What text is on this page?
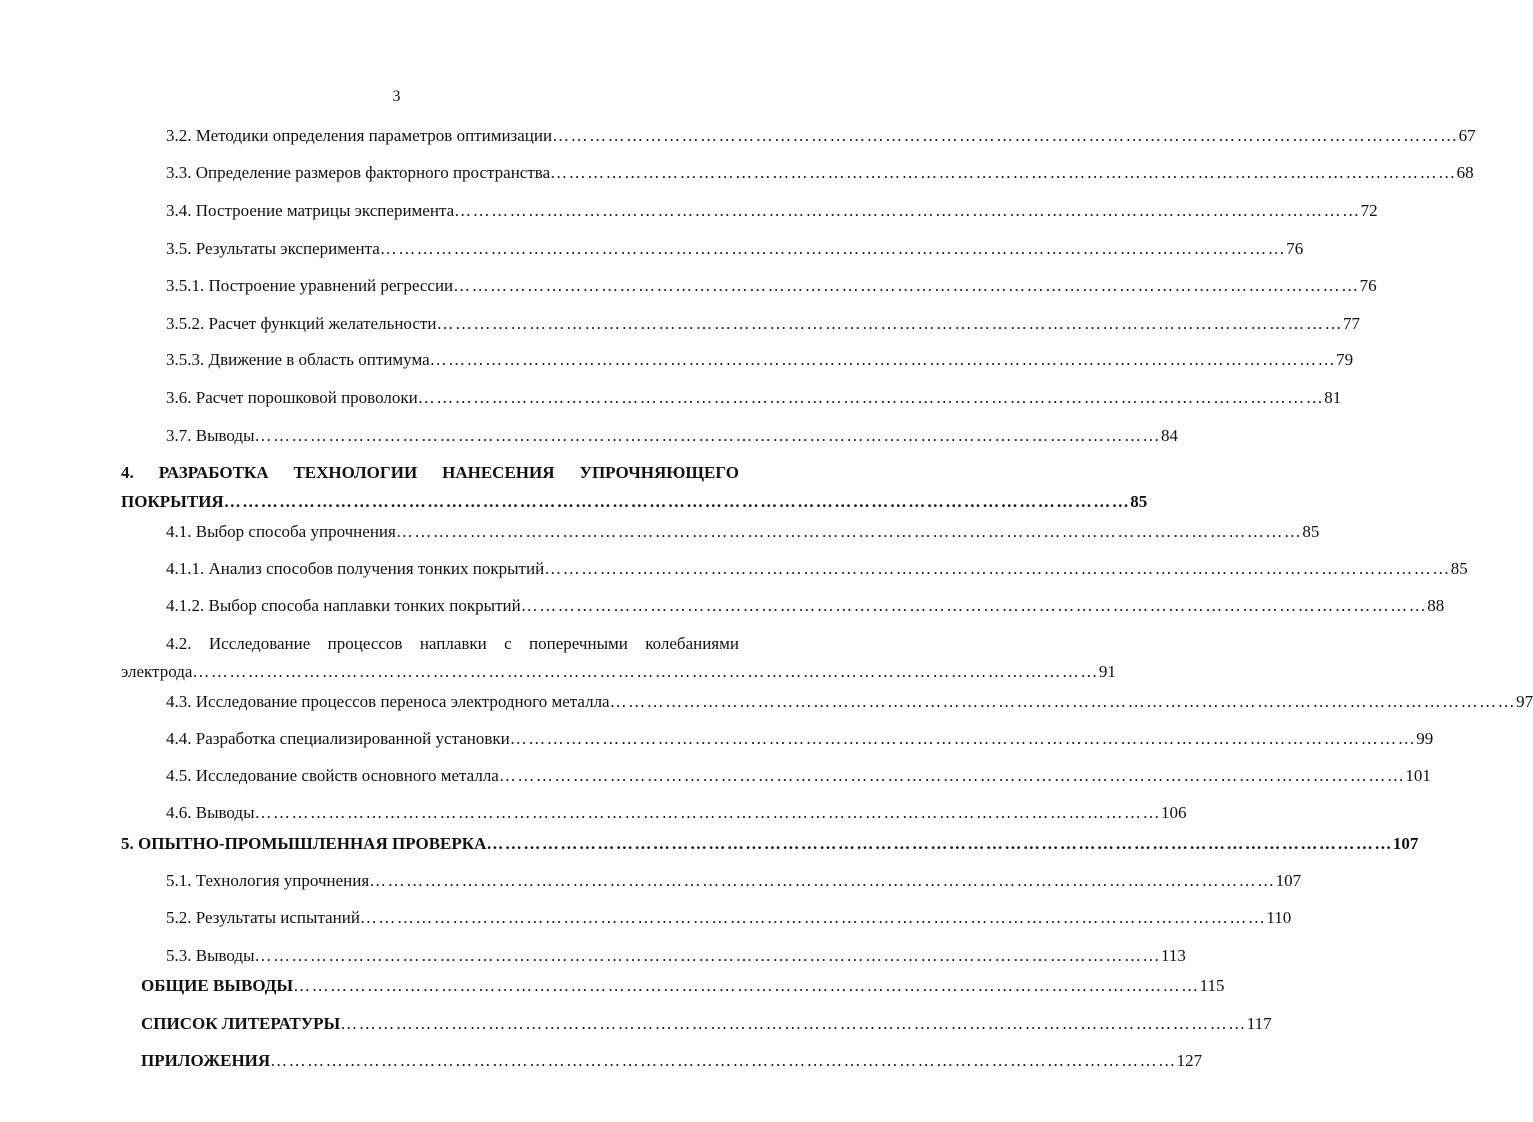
3
3.2. Методики определения параметров оптимизации ………………………………………………………………………………………………………………………………… 67
3.3. Определение размеров факторного пространства ………………………………………………………………………………………………………………………………… 68
3.4. Построение матрицы эксперимента ………………………………………………………………………………………………………………………………… 72
3.5. Результаты эксперимента ………………………………………………………………………………………………………………………………… 76
3.5.1. Построение уравнений регрессии ………………………………………………………………………………………………………………………………… 76
3.5.2. Расчет функций желательности ………………………………………………………………………………………………………………………………… 77
3.5.3. Движение в область оптимума ………………………………………………………………………………………………………………………………… 79
3.6. Расчет порошковой проволоки ………………………………………………………………………………………………………………………………… 81
3.7. Выводы ………………………………………………………………………………………………………………………………… 84
4. РАЗРАБОТКА ТЕХНОЛОГИИ НАНЕСЕНИЯ УПРОЧНЯЮЩЕГО
ПОКРЫТИЯ ………………………………………………………………………………………………………………………………… 85
4.1. Выбор способа упрочнения ………………………………………………………………………………………………………………………………… 85
4.1.1. Анализ способов получения тонких покрытий ………………………………………………………………………………………………………………………………… 85
4.1.2. Выбор способа наплавки тонких покрытий ………………………………………………………………………………………………………………………………… 88
4.2. Исследование процессов наплавки с поперечными колебаниями
электрода ………………………………………………………………………………………………………………………………… 91
4.3. Исследование процессов переноса электродного металла ………………………………………………………………………………………………………………………………… 97
4.4. Разработка специализированной установки ………………………………………………………………………………………………………………………………… 99
4.5. Исследование свойств основного металла ………………………………………………………………………………………………………………………………… 101
4.6. Выводы ………………………………………………………………………………………………………………………………… 106
5. ОПЫТНО-ПРОМЫШЛЕННАЯ ПРОВЕРКА ………………………………………………………………………………………………………………………………… 107
5.1. Технология упрочнения ………………………………………………………………………………………………………………………………… 107
5.2. Результаты испытаний ………………………………………………………………………………………………………………………………… 110
5.3. Выводы ………………………………………………………………………………………………………………………………… 113
ОБЩИЕ ВЫВОДЫ ………………………………………………………………………………………………………………………………… 115
СПИСОК ЛИТЕРАТУРЫ ………………………………………………………………………………………………………………………………… 117
ПРИЛОЖЕНИЯ ………………………………………………………………………………………………………………………………… 127
